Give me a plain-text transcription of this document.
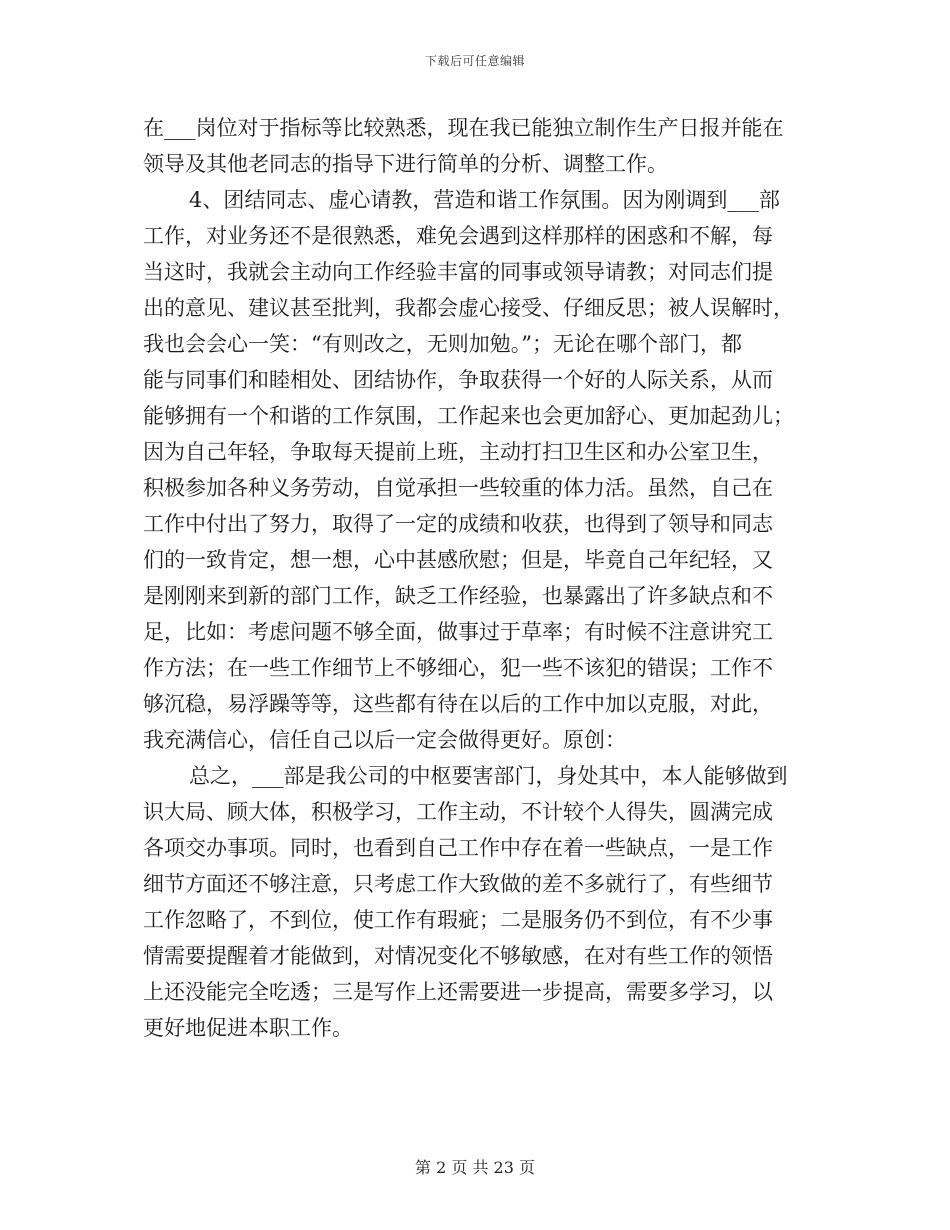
下载后可任意编辑
在___岗位对于指标等比较熟悉，现在我已能独立制作生产日报并能在
领导及其他老同志的指导下进行简单的分析、调整工作。
4、团结同志、虚心请教，营造和谐工作氛围。因为刚调到___部
工作，对业务还不是很熟悉，难免会遇到这样那样的困惑和不解，每
当这时，我就会主动向工作经验丰富的同事或领导请教；对同志们提
出的意见、建议甚至批判，我都会虚心接受、仔细反思；被人误解时，
我也会会心一笑：“有则改之，无则加勉。”；无论在哪个部门，都
能与同事们和睦相处、团结协作，争取获得一个好的人际关系，从而
能够拥有一个和谐的工作氛围，工作起来也会更加舒心、更加起劲儿；
因为自己年轻，争取每天提前上班，主动打扫卫生区和办公室卫生，
积极参加各种义务劳动，自觉承担一些较重的体力活。虽然，自己在
工作中付出了努力，取得了一定的成绩和收获，也得到了领导和同志
们的一致肯定，想一想，心中甚感欣慰；但是，毕竟自己年纪轻，又
是刚刚来到新的部门工作，缺乏工作经验，也暴露出了许多缺点和不
足，比如：考虑问题不够全面，做事过于草率；有时候不注意讲究工
作方法；在一些工作细节上不够细心，犯一些不该犯的错误；工作不
够沉稳，易浮躁等等，这些都有待在以后的工作中加以克服，对此，
我充满信心，信任自己以后一定会做得更好。原创：
总之，___部是我公司的中枢要害部门，身处其中，本人能够做到
识大局、顾大体，积极学习，工作主动，不计较个人得失，圆满完成
各项交办事项。同时，也看到自己工作中存在着一些缺点，一是工作
细节方面还不够注意，只考虑工作大致做的差不多就行了，有些细节
工作忽略了，不到位，使工作有瑕疵；二是服务仍不到位，有不少事
情需要提醒着才能做到，对情况变化不够敏感，在对有些工作的领悟
上还没能完全吃透；三是写作上还需要进一步提高，需要多学习，以
更好地促进本职工作。
第 2 页 共 23 页
